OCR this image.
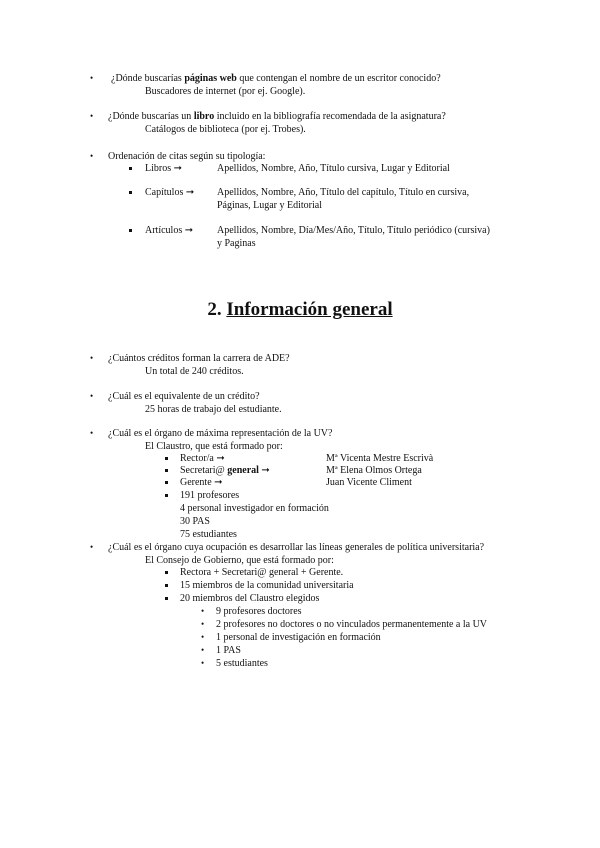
• ¿Dónde buscarías páginas web que contengan el nombre de un escritor conocido?
Buscadores de internet (por ej. Google).
• ¿Dónde buscarías un libro incluido en la bibliografía recomendada de la asignatura?
Catálogos de biblioteca (por ej. Trobes).
• Ordenación de citas según su tipología:
Libros ➞	Apellidos, Nombre, Año, Título cursiva, Lugar y Editorial
Capítulos ➞ Apellidos, Nombre, Año, Título del capítulo, Título en cursiva,
Páginas, Lugar y Editorial
Artículos ➞ Apellidos, Nombre, Día/Mes/Año, Título, Título periódico (cursiva)
y Paginas
2. Información general
• ¿Cuántos créditos forman la carrera de ADE?
Un total de 240 créditos.
• ¿Cuál es el equivalente de un crédito?
25 horas de trabajo del estudiante.
• ¿Cuál es el órgano de máxima representación de la UV?
El Claustro, que está formado por:
Rector/a ➞	Mª Vicenta Mestre Escrivà
Secretari@ general ➞	Mª Elena Olmos Ortega
Gerente ➞	Juan Vicente Climent
191 profesores
4 personal investigador en formación
30 PAS
75 estudiantes
• ¿Cuál es el órgano cuya ocupación es desarrollar las líneas generales de política universitaria?
El Consejo de Gobierno, que está formado por:
Rectora + Secretari@ general + Gerente.
15 miembros de la comunidad universitaria
20 miembros del Claustro elegidos
• 9 profesores doctores
• 2 profesores no doctores o no vinculados permanentemente a la UV
• 1 personal de investigación en formación
• 1 PAS
• 5 estudiantes
